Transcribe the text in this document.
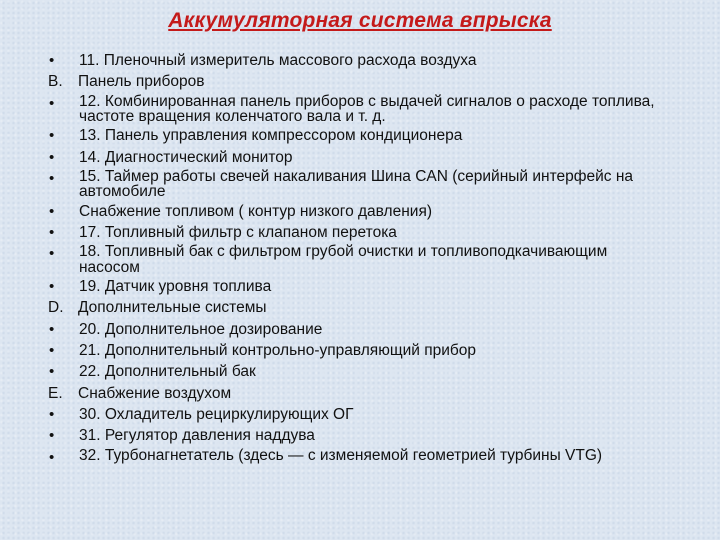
Аккумуляторная система впрыска
•	11. Пленочный измеритель массового расхода воздуха
B. Панель приборов
•	12. Комбинированная панель приборов с выдачей сигналов о расходе топлива, частоте вращения коленчатого вала и т. д.
•	13. Панель управления компрессором кондиционера
•	14. Диагностический монитор
•	15. Таймер работы свечей накаливания Шина CAN (серийный интерфейс на автомобиле
•	Снабжение топливом ( контур низкого давления)
•	17. Топливный фильтр с клапаном перетока
•	18. Топливный бак с фильтром грубой очистки и топливоподкачивающим насосом
•	19. Датчик уровня топлива
D. Дополнительные системы
•	20. Дополнительное дозирование
•	21. Дополнительный контрольно-управляющий прибор
•	22. Дополнительный бак
E. Снабжение воздухом
•	30. Охладитель рециркулирующих ОГ
•	31. Регулятор давления наддува
•	32. Турбонагнетатель (здесь — с изменяемой геометрией турбины VTG)
